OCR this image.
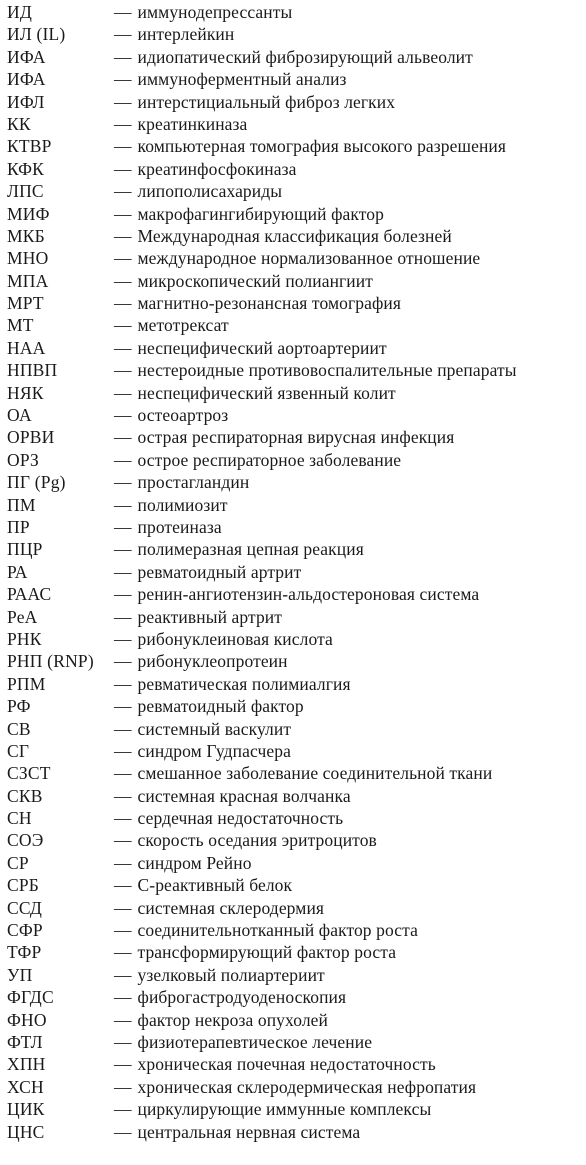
ИД	— иммунодепрессанты
ИЛ (IL)	— интерлейкин
ИФА	— идиопатический фиброзирующий альвеолит
ИФА	— иммуноферментный анализ
ИФЛ	— интерстициальный фиброз легких
КК	— креатинкиназа
КТВР	— компьютерная томография высокого разрешения
КФК	— креатинфосфокиназа
ЛПС	— липополисахариды
МИФ	— макрофагингибирующий фактор
МКБ	— Международная классификация болезней
МНО	— международное нормализованное отношение
МПА	— микроскопический полиангиит
МРТ	— магнитно-резонансная томография
МТ	— метотрексат
НАА	— неспецифический аортоартериит
НПВП	— нестероидные противовоспалительные препараты
НЯК	— неспецифический язвенный колит
ОА	— остеоартроз
ОРВИ	— острая респираторная вирусная инфекция
ОРЗ	— острое респираторное заболевание
ПГ (Pg)	— простагландин
ПМ	— полимиозит
ПР	— протеиназа
ПЦР	— полимеразная цепная реакция
РА	— ревматоидный артрит
РААС	— ренин-ангиотензин-альдостероновая система
РеА	— реактивный артрит
РНК	— рибонуклеиновая кислота
РНП (RNP)	— рибонуклеопротеин
РПМ	— ревматическая полимиалгия
РФ	— ревматоидный фактор
СВ	— системный васкулит
СГ	— синдром Гудпасчера
СЗСТ	— смешанное заболевание соединительной ткани
СКВ	— системная красная волчанка
СН	— сердечная недостаточность
СОЭ	— скорость оседания эритроцитов
СР	— синдром Рейно
СРБ	— С-реактивный белок
ССД	— системная склеродермия
СФР	— соединительнотканный фактор роста
ТФР	— трансформирующий фактор роста
УП	— узелковый полиартериит
ФГДС	— фиброгастродуоденоскопия
ФНО	— фактор некроза опухолей
ФТЛ	— физиотерапевтическое лечение
ХПН	— хроническая почечная недостаточность
ХСН	— хроническая склеродермическая нефропатия
ЦИК	— циркулирующие иммунные комплексы
ЦНС	— центральная нервная система
